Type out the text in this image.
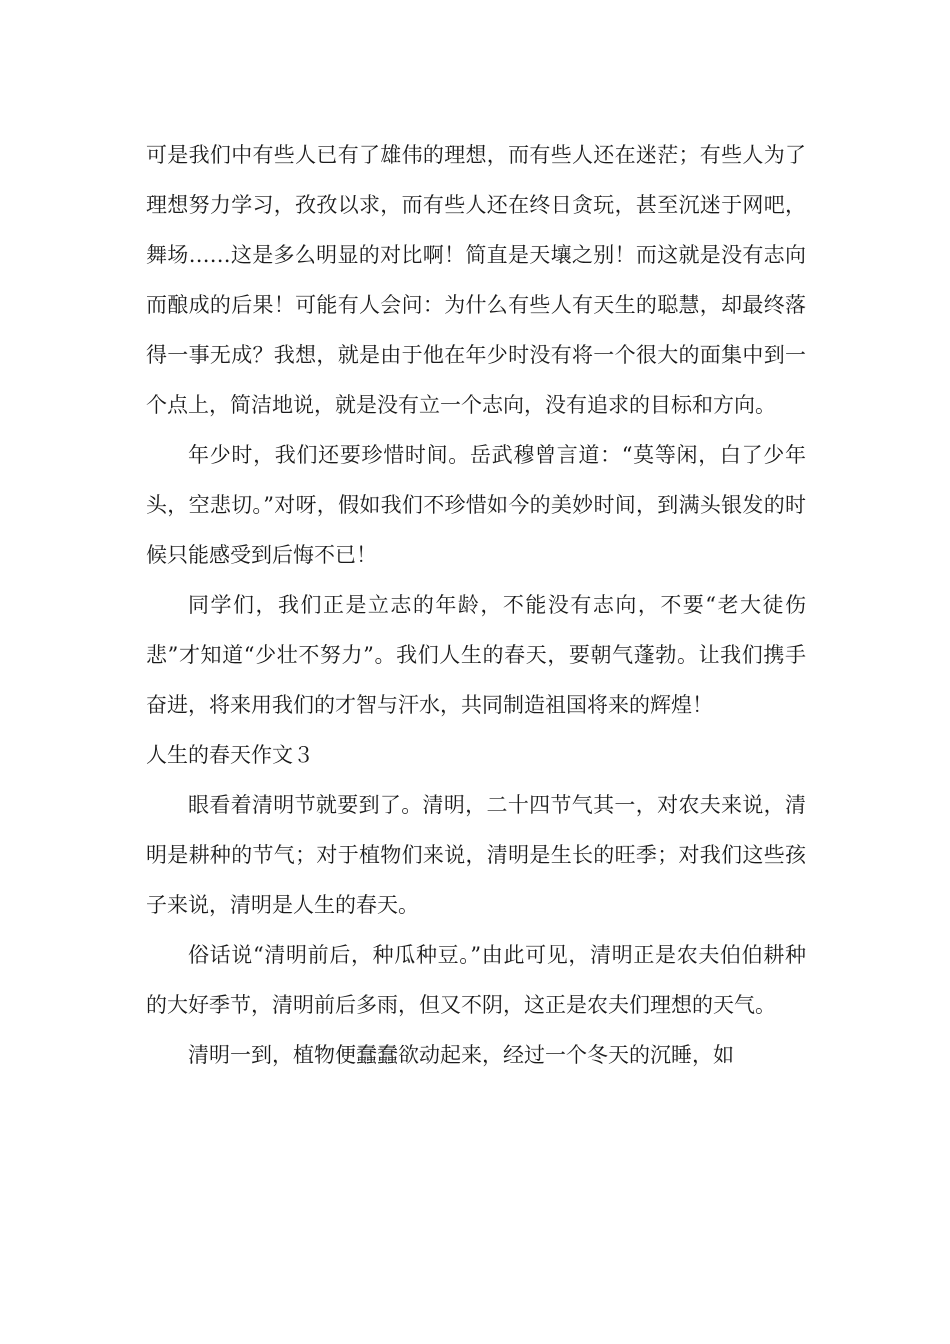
可是我们中有些人已有了雄伟的理想，而有些人还在迷茫；有些人为了理想努力学习，孜孜以求，而有些人还在终日贪玩，甚至沉迷于网吧，舞场……这是多么明显的对比啊！简直是天壤之别！而这就是没有志向而酿成的后果！可能有人会问：为什么有些人有天生的聪慧，却最终落得一事无成？我想，就是由于他在年少时没有将一个很大的面集中到一个点上，简洁地说，就是没有立一个志向，没有追求的目标和方向。

年少时，我们还要珍惜时间。岳武穆曾言道：“莫等闲，白了少年头，空悲切。”对呀，假如我们不珍惜如今的美妙时间，到满头银发的时候只能感受到后悔不已！

同学们，我们正是立志的年龄，不能没有志向，不要“老大徒伤悲”才知道“少壮不努力”。我们人生的春天，要朝气蓬勃。让我们携手奋进，将来用我们的才智与汗水，共同制造祖国将来的辉煌！

人生的春天作文３

眼看着清明节就要到了。清明，二十四节气其一，对农夫来说，清明是耕种的节气；对于植物们来说，清明是生长的旺季；对我们这些孩子来说，清明是人生的春天。

俗话说“清明前后，种瓜种豆。”由此可见，清明正是农夫伯伯耕种的大好季节，清明前后多雨，但又不阴，这正是农夫们理想的天气。

清明一到，植物便蠢蠢欲动起来，经过一个冬天的沉睡，如
